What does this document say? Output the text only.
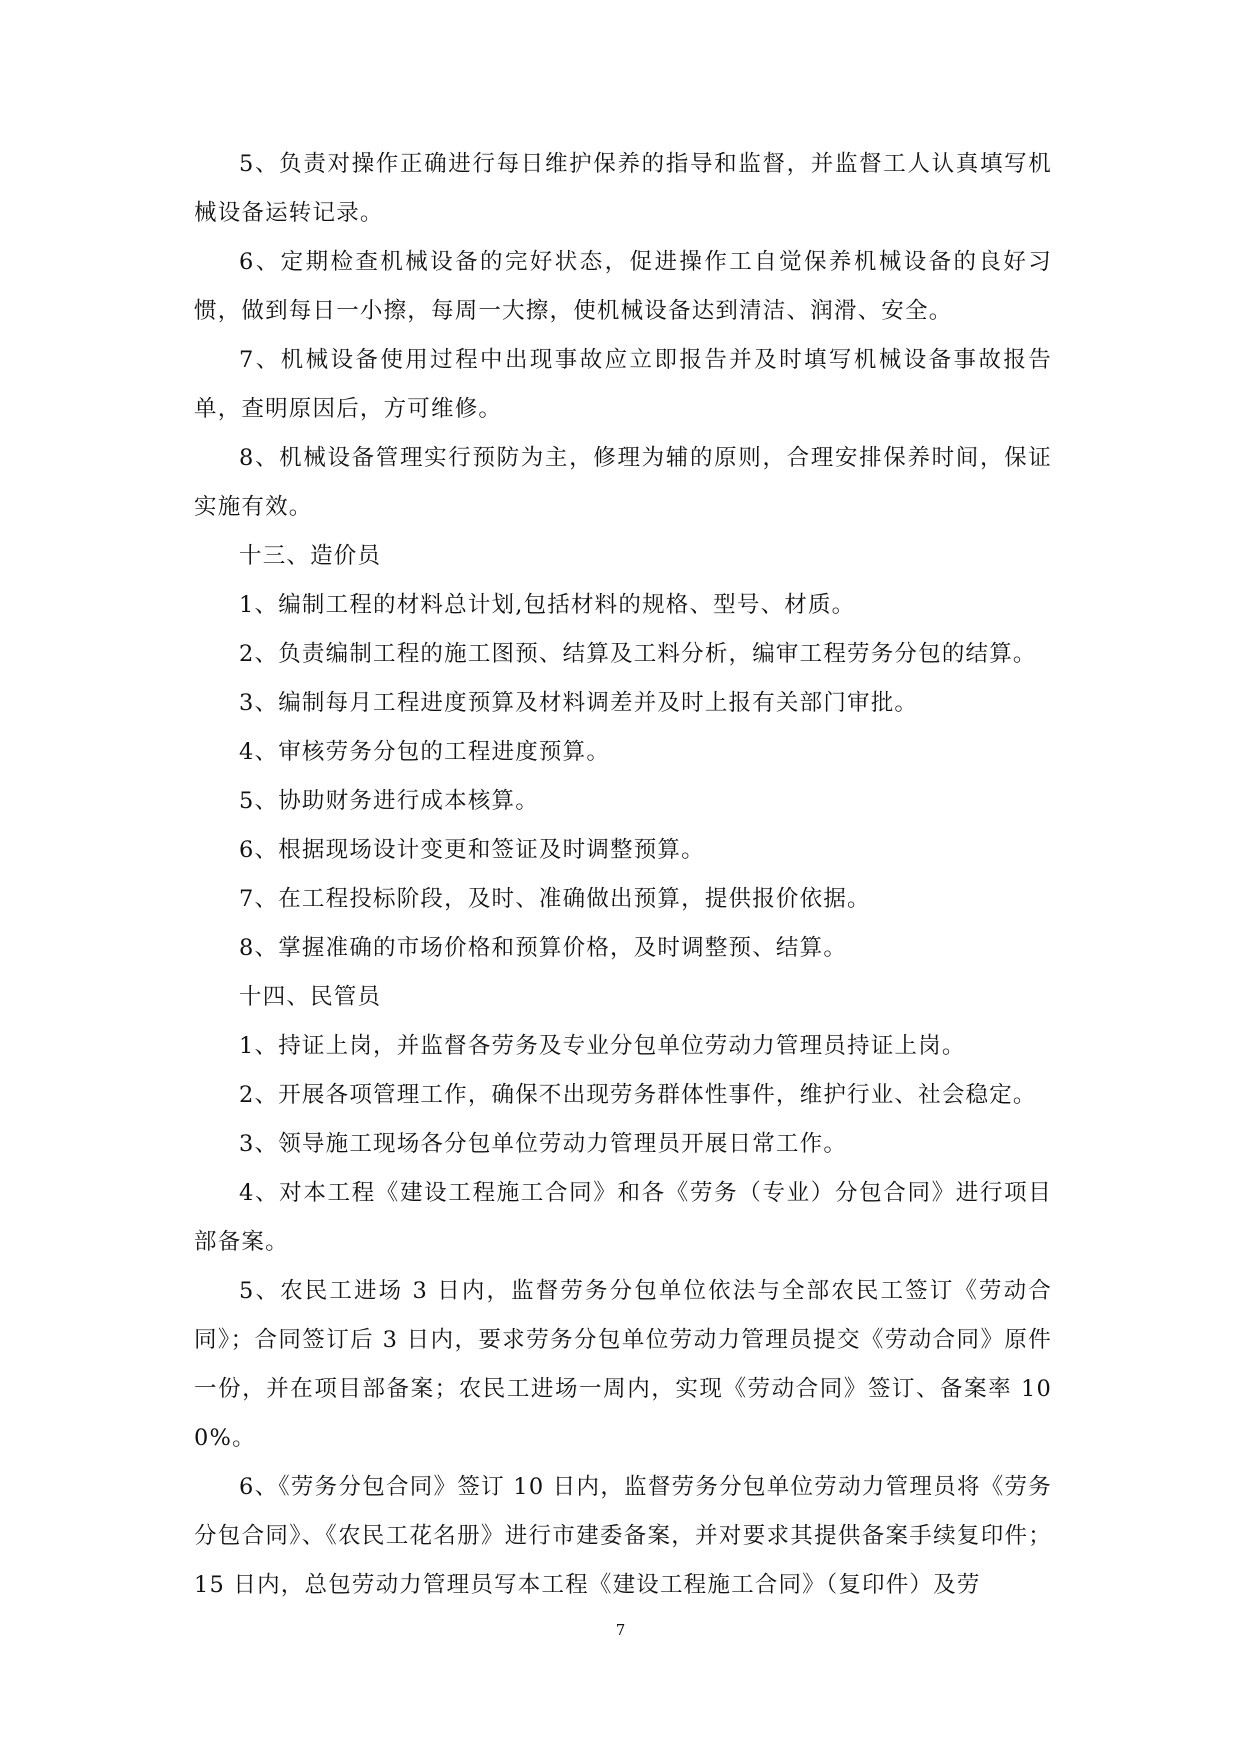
5、负责对操作正确进行每日维护保养的指导和监督，并监督工人认真填写机械设备运转记录。

6、定期检查机械设备的完好状态，促进操作工自觉保养机械设备的良好习惯，做到每日一小擦，每周一大擦，使机械设备达到清洁、润滑、安全。

7、机械设备使用过程中出现事故应立即报告并及时填写机械设备事故报告单，查明原因后，方可维修。

8、机械设备管理实行预防为主，修理为辅的原则，合理安排保养时间，保证实施有效。

十三、造价员

1、编制工程的材料总计划,包括材料的规格、型号、材质。

2、负责编制工程的施工图预、结算及工料分析，编审工程劳务分包的结算。

3、编制每月工程进度预算及材料调差并及时上报有关部门审批。

4、审核劳务分包的工程进度预算。

5、协助财务进行成本核算。

6、根据现场设计变更和签证及时调整预算。

7、在工程投标阶段，及时、准确做出预算，提供报价依据。

8、掌握准确的市场价格和预算价格，及时调整预、结算。

十四、民管员

1、持证上岗，并监督各劳务及专业分包单位劳动力管理员持证上岗。

2、开展各项管理工作，确保不出现劳务群体性事件，维护行业、社会稳定。

3、领导施工现场各分包单位劳动力管理员开展日常工作。

4、对本工程《建设工程施工合同》和各《劳务（专业）分包合同》进行项目部备案。

5、农民工进场 3 日内，监督劳务分包单位依法与全部农民工签订《劳动合同》；合同签订后 3 日内，要求劳务分包单位劳动力管理员提交《劳动合同》原件一份，并在项目部备案；农民工进场一周内，实现《劳动合同》签订、备案率 100%。

6、《劳务分包合同》签订 10 日内，监督劳务分包单位劳动力管理员将《劳务分包合同》、《农民工花名册》进行市建委备案，并对要求其提供备案手续复印件；15 日内，总包劳动力管理员写本工程《建设工程施工合同》（复印件）及劳

7
